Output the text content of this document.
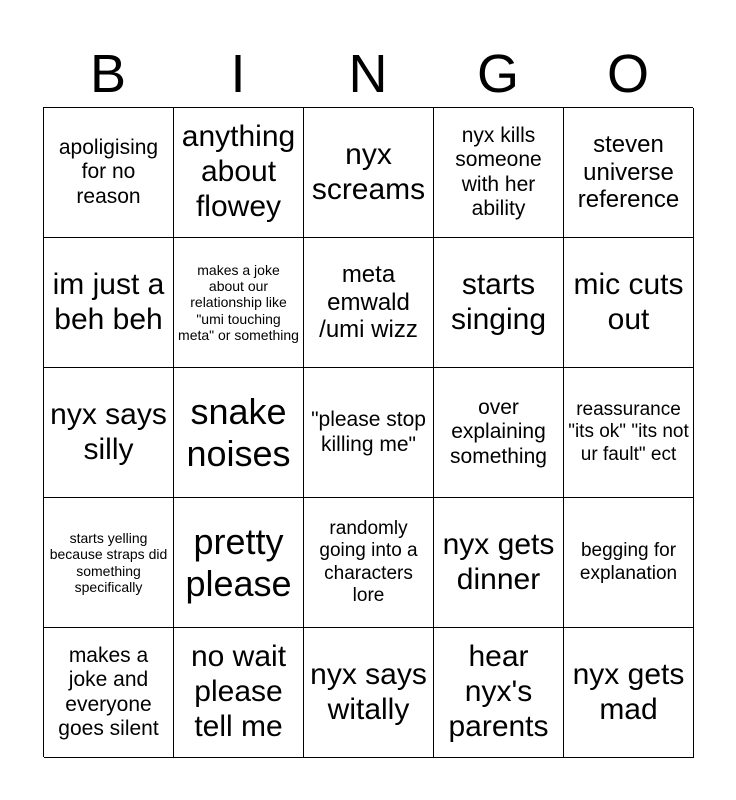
B	I	N	G	O
apoligising for no reason
anything about flowey
nyx screams
nyx kills someone with her ability
steven universe reference
im just a beh beh
makes a joke about our relationship like "umi touching meta" or something
meta emwald /umi wizz
starts singing
mic cuts out
nyx says silly
snake noises
"please stop killing me"
over explaining something
reassurance "its ok" "its not ur fault" ect
starts yelling because straps did something specifically
pretty please
randomly going into a characters lore
nyx gets dinner
begging for explanation
makes a joke and everyone goes silent
no wait please tell me
nyx says witally
hear nyx's parents
nyx gets mad
